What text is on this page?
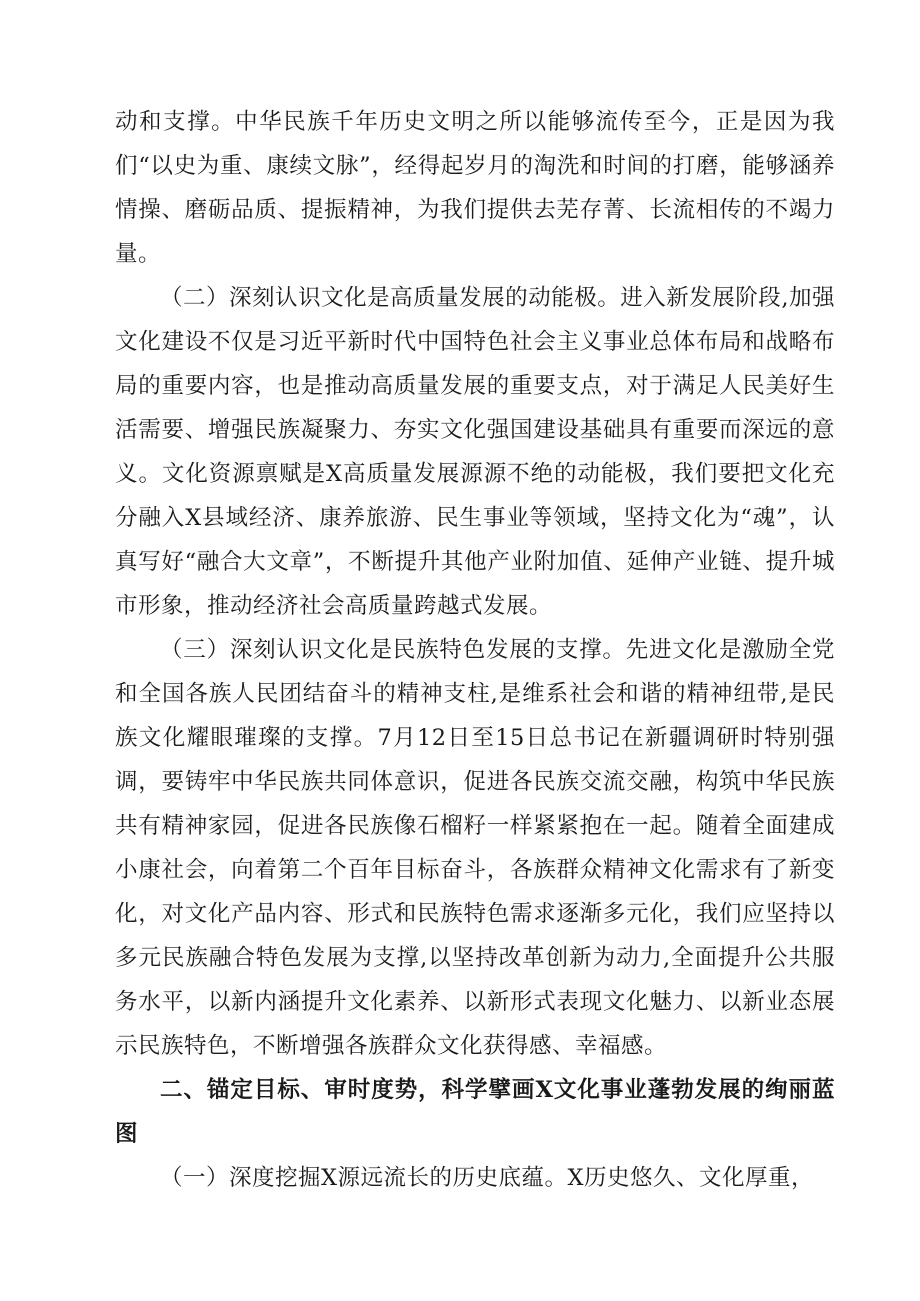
动和支撑。中华民族千年历史文明之所以能够流传至今，正是因为我们“以史为重、康续文脉”，经得起岁月的淘洗和时间的打磨，能够涵养情操、磨砺品质、提振精神，为我们提供去芜存菁、长流相传的不竭力量。

（二）深刻认识文化是高质量发展的动能极。进入新发展阶段,加强文化建设不仅是习近平新时代中国特色社会主义事业总体布局和战略布局的重要内容，也是推动高质量发展的重要支点，对于满足人民美好生活需要、增强民族凝聚力、夯实文化强国建设基础具有重要而深远的意义。文化资源禀赋是X高质量发展源源不绝的动能极，我们要把文化充分融入X县域经济、康养旅游、民生事业等领域，坚持文化为“魂”，认真写好“融合大文章”，不断提升其他产业附加值、延伸产业链、提升城市形象，推动经济社会高质量跨越式发展。

（三）深刻认识文化是民族特色发展的支撑。先进文化是激励全党和全国各族人民团结奋斗的精神支柱,是维系社会和谐的精神纽带,是民族文化耀眼璀璨的支撑。7月12日至15日总书记在新疆调研时特别强调，要铸牢中华民族共同体意识，促进各民族交流交融，构筑中华民族共有精神家园，促进各民族像石榴籽一样紧紧抱在一起。随着全面建成小康社会，向着第二个百年目标奋斗，各族群众精神文化需求有了新变化，对文化产品内容、形式和民族特色需求逐渐多元化，我们应坚持以多元民族融合特色发展为支撑,以坚持改革创新为动力,全面提升公共服务水平，以新内涵提升文化素养、以新形式表现文化魅力、以新业态展示民族特色，不断增强各族群众文化获得感、幸福感。

二、锚定目标、审时度势，科学擘画X文化事业蓬勃发展的绚丽蓝图

（一）深度挖掘X源远流长的历史底蕴。X历史悠久、文化厚重，
